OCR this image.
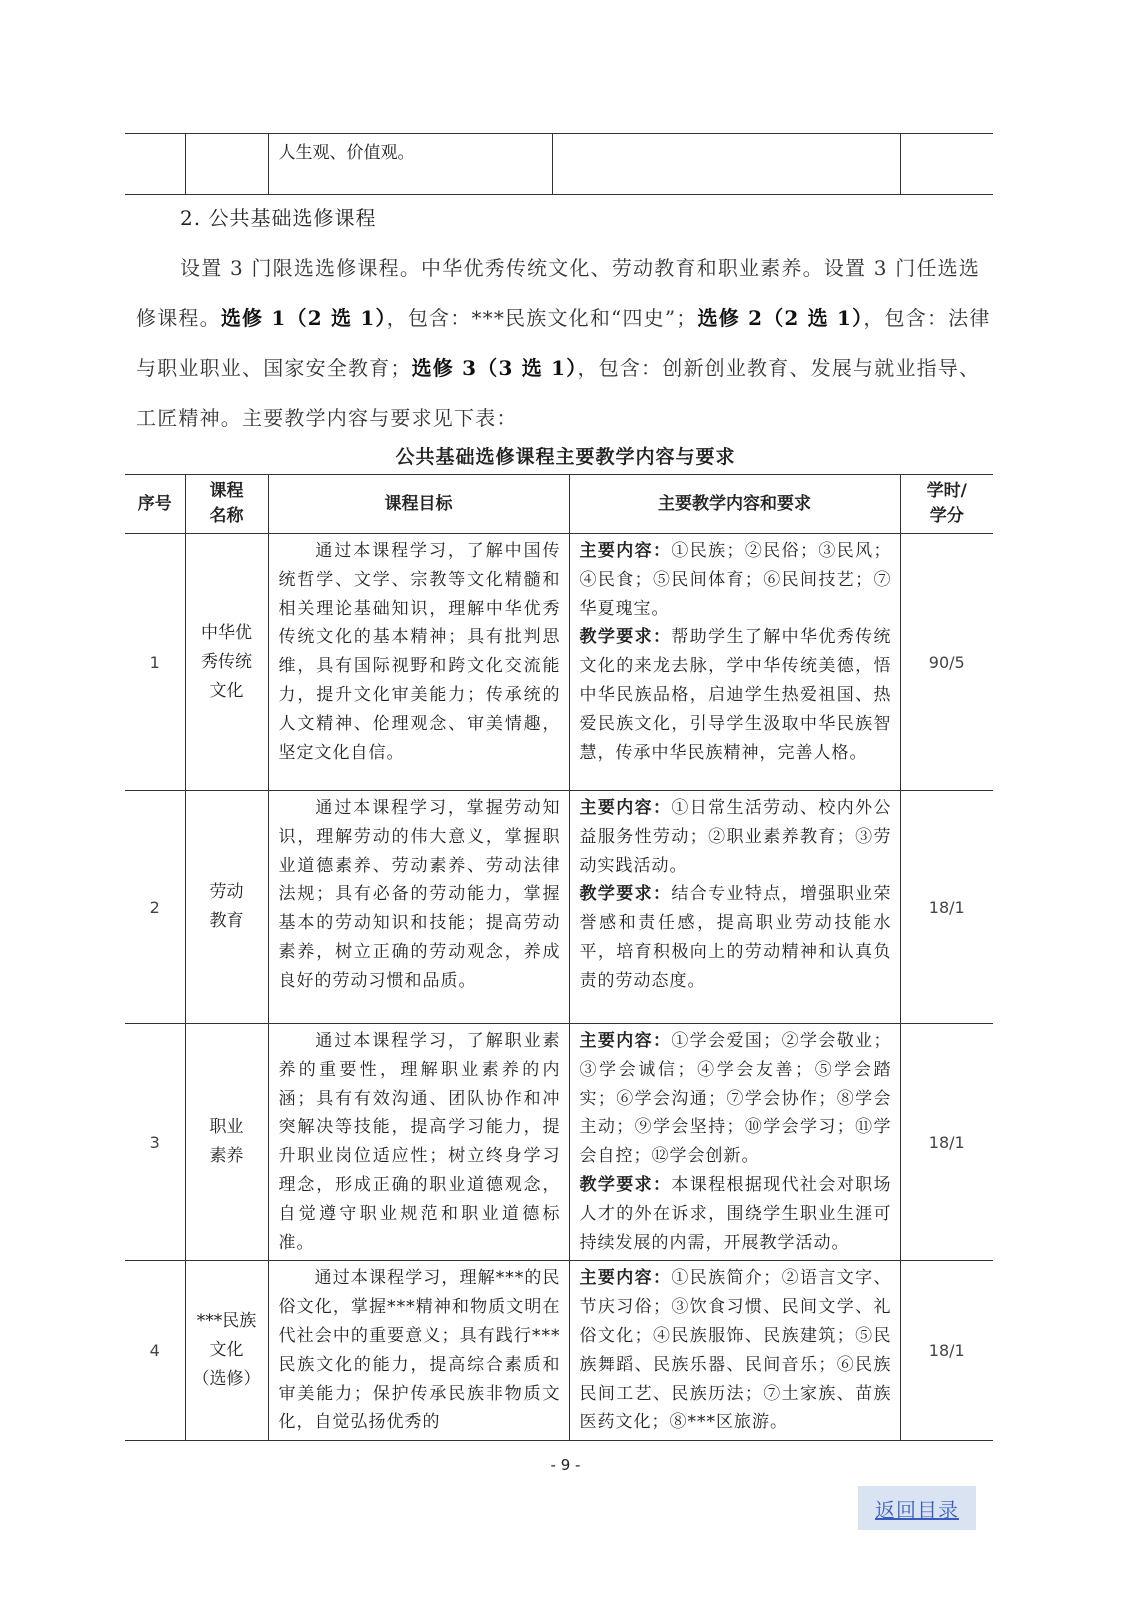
		人生观、价值观。		
2. 公共基础选修课程
设置 3 门限选选修课程。中华优秀传统文化、劳动教育和职业素养。设置 3 门任选选修课程。选修 1（2 选 1），包含：***民族文化和“四史”；选修 2（2 选 1），包含：法律与职业职业、国家安全教育；选修 3（3 选 1），包含：创新创业教育、发展与就业指导、工匠精神。主要教学内容与要求见下表：
公共基础选修课程主要教学内容与要求
序号	课程
名称	课程目标	主要教学内容和要求	学时/
学分
1	中华优
秀传统
文化	通过本课程学习，了解中国传统哲学、文学、宗教等文化精髓和相关理论基础知识，理解中华优秀传统文化的基本精神；具有批判思维，具有国际视野和跨文化交流能力，提升文化审美能力；传承统的人文精神、伦理观念、审美情趣，坚定文化自信。	主要内容：①民族；②民俗；③民风；④民食；⑤民间体育；⑥民间技艺；⑦华夏瑰宝。
教学要求：帮助学生了解中华优秀传统文化的来龙去脉，学中华传统美德，悟中华民族品格，启迪学生热爱祖国、热爱民族文化，引导学生汲取中华民族智慧，传承中华民族精神，完善人格。	90/5
2	劳动
教育	通过本课程学习，掌握劳动知识，理解劳动的伟大意义，掌握职业道德素养、劳动素养、劳动法律法规；具有必备的劳动能力，掌握基本的劳动知识和技能；提高劳动素养，树立正确的劳动观念，养成良好的劳动习惯和品质。	主要内容：①日常生活劳动、校内外公益服务性劳动；②职业素养教育；③劳动实践活动。
教学要求：结合专业特点，增强职业荣誉感和责任感，提高职业劳动技能水平，培育积极向上的劳动精神和认真负责的劳动态度。	18/1
3	职业
素养	通过本课程学习，了解职业素养的重要性，理解职业素养的内涵；具有有效沟通、团队协作和冲突解决等技能，提高学习能力，提升职业岗位适应性；树立终身学习理念，形成正确的职业道德观念，自觉遵守职业规范和职业道德标准。	主要内容：①学会爱国；②学会敬业；③学会诚信；④学会友善；⑤学会踏实；⑥学会沟通；⑦学会协作；⑧学会主动；⑨学会坚持；⑩学会学习；⑪学会自控；⑫学会创新。
教学要求：本课程根据现代社会对职场人才的外在诉求，围绕学生职业生涯可持续发展的内需，开展教学活动。	18/1
4	***民族
文化
（选修）	通过本课程学习，理解***的民俗文化，掌握***精神和物质文明在代社会中的重要意义；具有践行***民族文化的能力，提高综合素质和审美能力；保护传承民族非物质文化，自觉弘扬优秀的	主要内容：①民族简介；②语言文字、节庆习俗；③饮食习惯、民间文学、礼俗文化；④民族服饰、民族建筑；⑤民族舞蹈、民族乐器、民间音乐；⑥民族民间工艺、民族历法；⑦土家族、苗族医药文化；⑧***区旅游。	18/1
- 9 -
返回目录
